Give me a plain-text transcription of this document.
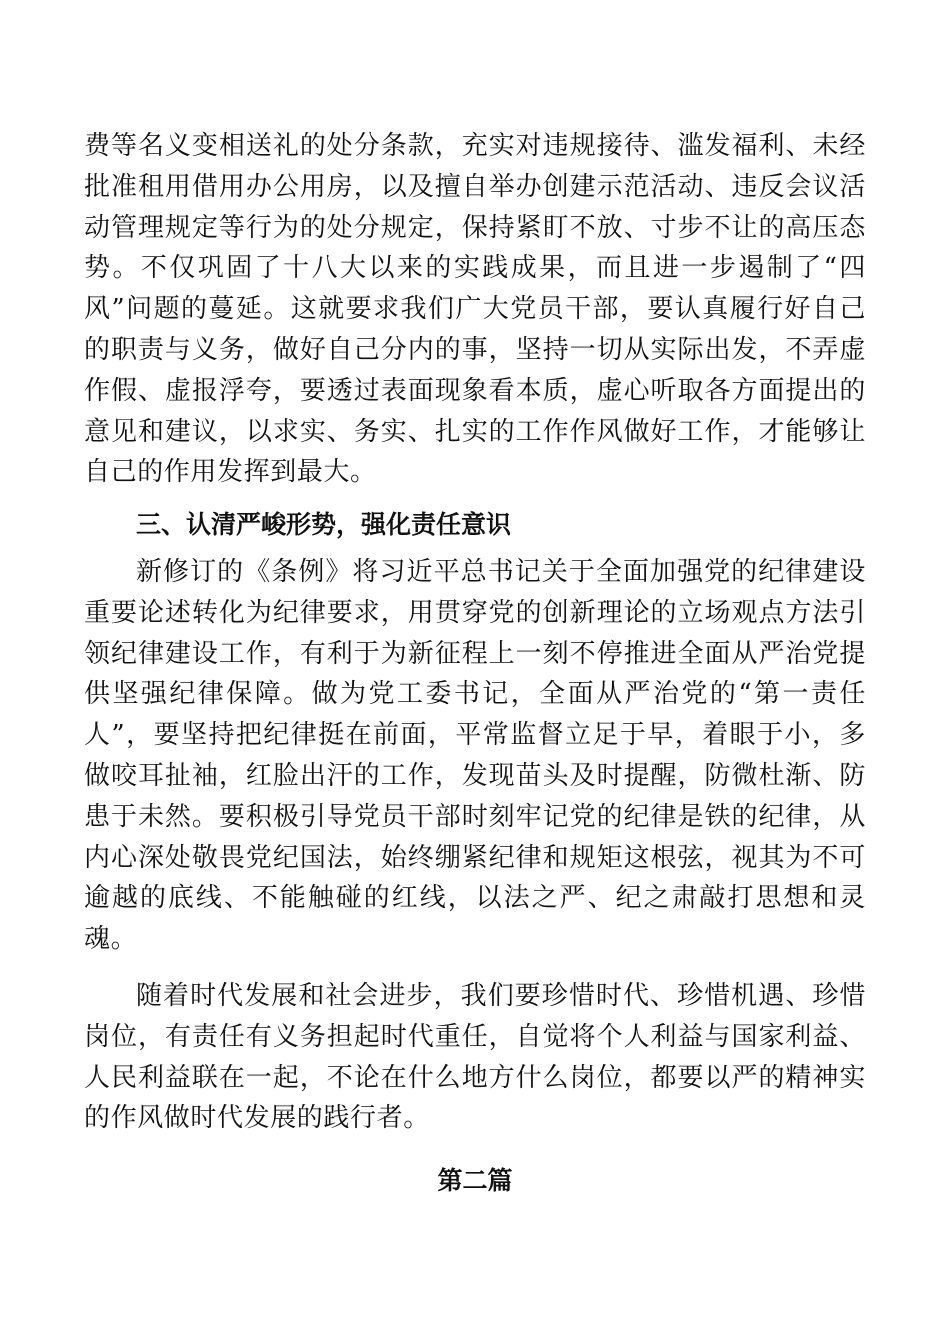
费等名义变相送礼的处分条款，充实对违规接待、滥发福利、未经批准租用借用办公用房，以及擅自举办创建示范活动、违反会议活动管理规定等行为的处分规定，保持紧盯不放、寸步不让的高压态势。不仅巩固了十八大以来的实践成果，而且进一步遏制了“四风”问题的蔓延。这就要求我们广大党员干部，要认真履行好自己的职责与义务，做好自己分内的事，坚持一切从实际出发，不弄虚作假、虚报浮夸，要透过表面现象看本质，虚心听取各方面提出的意见和建议，以求实、务实、扎实的工作作风做好工作，才能够让自己的作用发挥到最大。

三、认清严峻形势，强化责任意识

新修订的《条例》将习近平总书记关于全面加强党的纪律建设重要论述转化为纪律要求，用贯穿党的创新理论的立场观点方法引领纪律建设工作，有利于为新征程上一刻不停推进全面从严治党提供坚强纪律保障。做为党工委书记，全面从严治党的“第一责任人”，要坚持把纪律挺在前面，平常监督立足于早，着眼于小，多做咬耳扯袖，红脸出汗的工作，发现苗头及时提醒，防微杜渐、防患于未然。要积极引导党员干部时刻牢记党的纪律是铁的纪律，从内心深处敬畏党纪国法，始终绷紧纪律和规矩这根弦，视其为不可逾越的底线、不能触碰的红线，以法之严、纪之肃敲打思想和灵魂。

随着时代发展和社会进步，我们要珍惜时代、珍惜机遇、珍惜岗位，有责任有义务担起时代重任，自觉将个人利益与国家利益、人民利益联在一起，不论在什么地方什么岗位，都要以严的精神实的作风做时代发展的践行者。

第二篇
